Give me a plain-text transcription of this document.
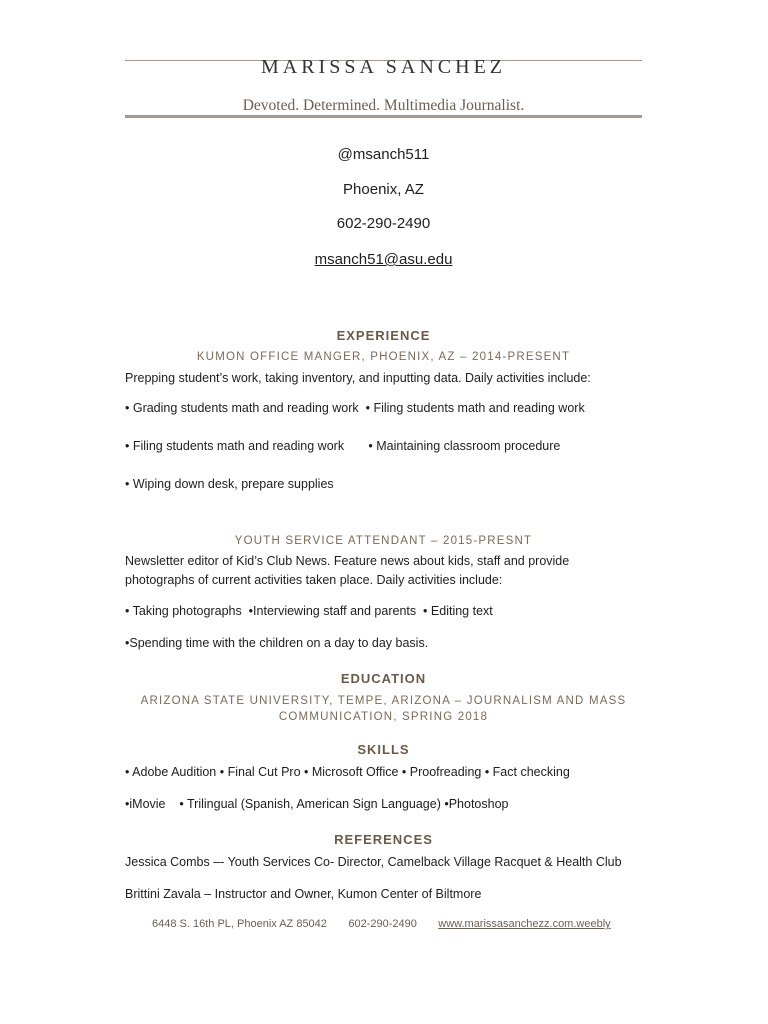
MARISSA SANCHEZ
Devoted. Determined. Multimedia Journalist.
@msanch511
Phoenix, AZ
602-290-2490
msanch51@asu.edu
EXPERIENCE
KUMON OFFICE MANGER, PHOENIX, AZ – 2014-PRESENT
Prepping student’s work, taking inventory, and inputting data. Daily activities include:
• Grading students math and reading work  • Filing students math and reading work
• Filing students math and reading work       • Maintaining classroom procedure
• Wiping down desk, prepare supplies
YOUTH SERVICE ATTENDANT – 2015-PRESNT
Newsletter editor of Kid’s Club News. Feature news about kids, staff and provide photographs of current activities taken place. Daily activities include:
• Taking photographs  •Interviewing staff and parents  • Editing text
•Spending time with the children on a day to day basis.
EDUCATION
ARIZONA STATE UNIVERSITY, TEMPE, ARIZONA – JOURNALISM AND MASS COMMUNICATION, SPRING 2018
SKILLS
• Adobe Audition • Final Cut Pro • Microsoft Office • Proofreading • Fact checking
•iMovie    • Trilingual (Spanish, American Sign Language) •Photoshop
REFERENCES
Jessica Combs –- Youth Services Co- Director, Camelback Village Racquet & Health Club
Brittini Zavala – Instructor and Owner, Kumon Center of Biltmore
6448 S. 16th PL, Phoenix AZ 85042 602-290-2490 www.marissasanchezz.com.weebly
